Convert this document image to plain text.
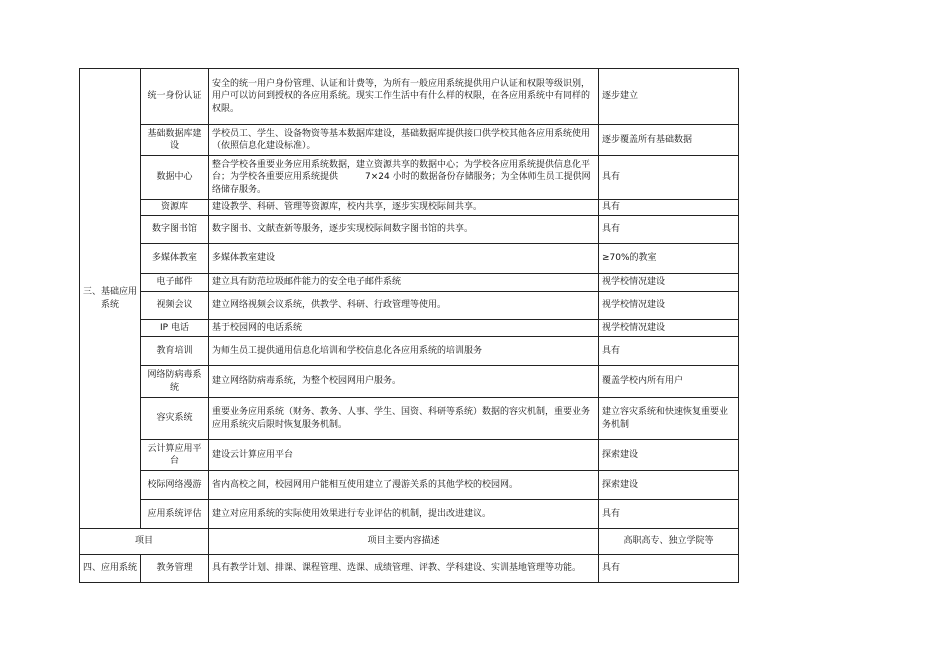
三、基础应用系统	统一身份认证	安全的统一用户身份管理、认证和计费等，为所有一般应用系统提供用户认证和权限等级识别，用户可以访问到授权的各应用系统。现实工作生活中有什么样的权限，在各应用系统中有同样的权限。	逐步建立
	基础数据库建设	学校员工、学生、设备物资等基本数据库建设，基础数据库提供接口供学校其他各应用系统使用（依照信息化建设标准）。	逐步覆盖所有基础数据
	数据中心	整合学校各重要业务应用系统数据，建立资源共享的数据中心；为学校各应用系统提供信息化平台；为学校各重要应用系统提供　　　7×24 小时的数据备份存储服务；为全体师生员工提供网络储存服务。	具有
	资源库	建设教学、科研、管理等资源库，校内共享，逐步实现校际间共享。	具有
	数字图书馆	数字图书、文献查新等服务，逐步实现校际间数字图书馆的共享。	具有
	多媒体教室	多媒体教室建设	≥70%的教室
	电子邮件	建立具有防范垃圾邮件能力的安全电子邮件系统	视学校情况建设
	视频会议	建立网络视频会议系统，供教学、科研、行政管理等使用。	视学校情况建设
	IP 电话	基于校园网的电话系统	视学校情况建设
	教育培训	为师生员工提供通用信息化培训和学校信息化各应用系统的培训服务	具有
	网络防病毒系统	建立网络防病毒系统，为整个校园网用户服务。	覆盖学校内所有用户
	容灾系统	重要业务应用系统（财务、教务、人事、学生、国资、科研等系统）数据的容灾机制，重要业务应用系统灾后限时恢复服务机制。	建立容灾系统和快速恢复重要业务机制
	云计算应用平台	建设云计算应用平台	探索建设
	校际网络漫游	省内高校之间，校园网用户能相互使用建立了漫游关系的其他学校的校园网。	探索建设
	应用系统评估	建立对应用系统的实际使用效果进行专业评估的机制，提出改进建议。	具有
项目		项目主要内容描述	高职高专、独立学院等
四、应用系统	教务管理	具有教学计划、排课、课程管理、选课、成绩管理、评教、学科建设、实训基地管理等功能。	具有
